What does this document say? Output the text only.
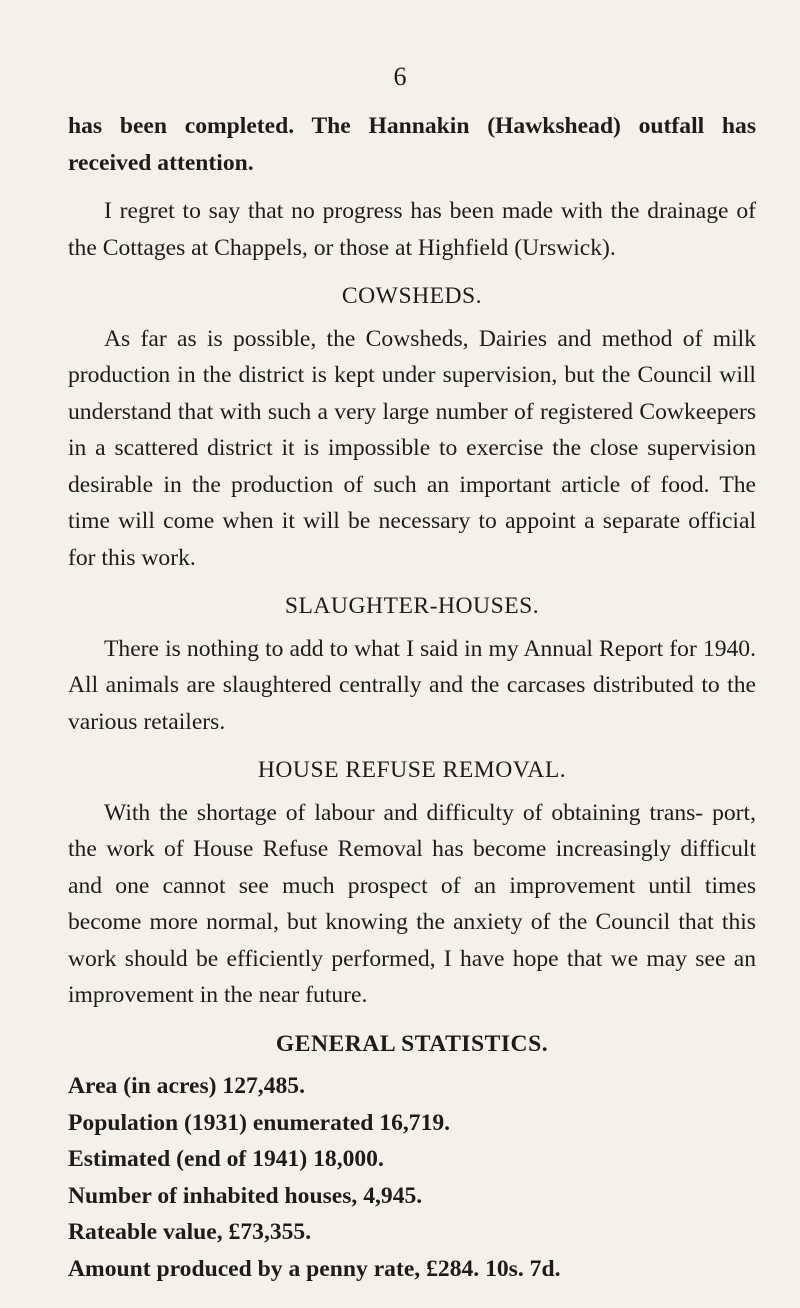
6

has been completed. The Hannakin (Hawkshead) outfall has received attention.

I regret to say that no progress has been made with the drainage of the Cottages at Chappels, or those at Highfield (Urswick).

COWSHEDS.

As far as is possible, the Cowsheds, Dairies and method of milk production in the district is kept under supervision, but the Council will understand that with such a very large number of registered Cowkeepers in a scattered district it is impossible to exercise the close supervision desirable in the production of such an important article of food. The time will come when it will be necessary to appoint a separate official for this work.

SLAUGHTER-HOUSES.

There is nothing to add to what I said in my Annual Report for 1940. All animals are slaughtered centrally and the carcases distributed to the various retailers.

HOUSE REFUSE REMOVAL.

With the shortage of labour and difficulty of obtaining trans- port, the work of House Refuse Removal has become increasingly difficult and one cannot see much prospect of an improvement until times become more normal, but knowing the anxiety of the Council that this work should be efficiently performed, I have hope that we may see an improvement in the near future.

GENERAL STATISTICS.
Area (in acres) 127,485.
Population (1931) enumerated 16,719.
Estimated (end of 1941) 18,000.
Number of inhabited houses, 4,945.
Rateable value, £73,355.
Amount produced by a penny rate, £284. 10s. 7d.
